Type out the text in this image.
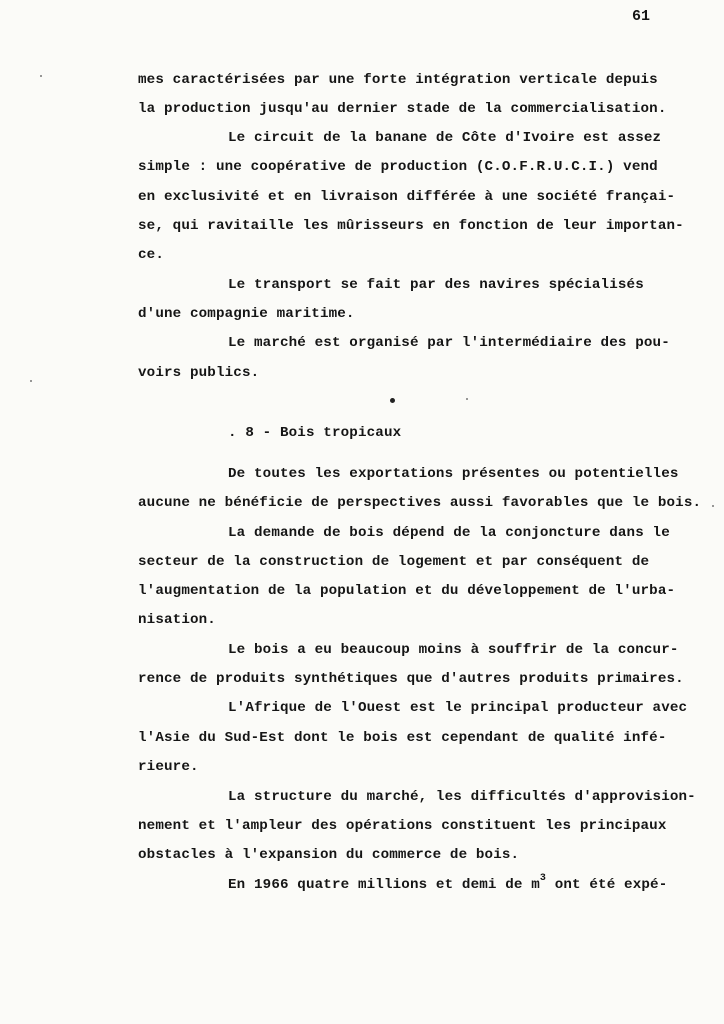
61
mes caractérisées par une forte intégration verticale depuis
la production jusqu'au dernier stade de la commercialisation.
Le circuit de la banane de Côte d'Ivoire est assez
simple : une coopérative de production (C.O.F.R.U.C.I.) vend
en exclusivité et en livraison différée à une société françai-
se, qui ravitaille les mûrisseurs en fonction de leur importan-
ce.
Le transport se fait par des navires spécialisés
d'une compagnie maritime.
Le marché est organisé par l'intermédiaire des pou-
voirs publics.
. 8 - Bois tropicaux
De toutes les exportations présentes ou potentielles
aucune ne bénéficie de perspectives aussi favorables que le bois.
La demande de bois dépend de la conjoncture dans le
secteur de la construction de logement et par conséquent de
l'augmentation de la population et du développement de l'urba-
nisation.
Le bois a eu beaucoup moins à souffrir de la concur-
rence de produits synthétiques que d'autres produits primaires.
L'Afrique de l'Ouest est le principal producteur avec
l'Asie du Sud-Est dont le bois est cependant de qualité infé-
rieure.
La structure du marché, les difficultés d'approvision-
nement et l'ampleur des opérations constituent les principaux
obstacles à l'expansion du commerce de bois.
En 1966 quatre millions et demi de $m^3$ ont été expé-
